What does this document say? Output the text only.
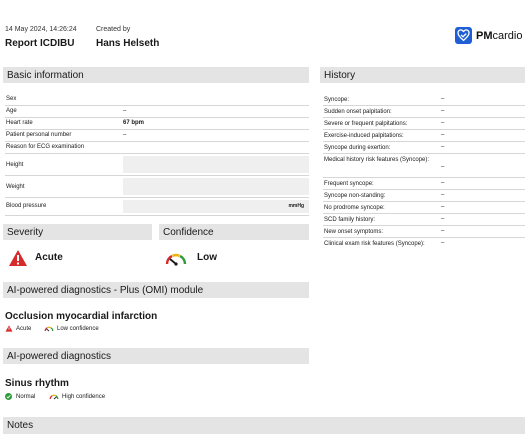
14 May 2024, 14:26:24
Report ICDIBU
Created by
Hans Helseth
PMcardio
Basic information
Sex
Age	–
Heart rate	67 bpm
Patient personal number	–
Reason for ECG examination
Height
Weight
Blood pressure	mmHg
History
Syncope:	–
Sudden onset palpitation:	–
Severe or frequent palpitations:	–
Exercise-induced palpitations:	–
Syncope during exertion:	–
Medical history risk features (Syncope):
–
Frequent syncope:	–
Syncope non-standing:	–
No prodrome syncope:	–
SCD family history:	–
New onset symptoms:	–
Clinical exam risk features (Syncope):	–
Severity	Confidence
Acute	Low
AI-powered diagnostics - Plus (OMI) module
Occlusion myocardial infarction
Acute	Low confidence
AI-powered diagnostics
Sinus rhythm
Normal	High confidence
Notes
